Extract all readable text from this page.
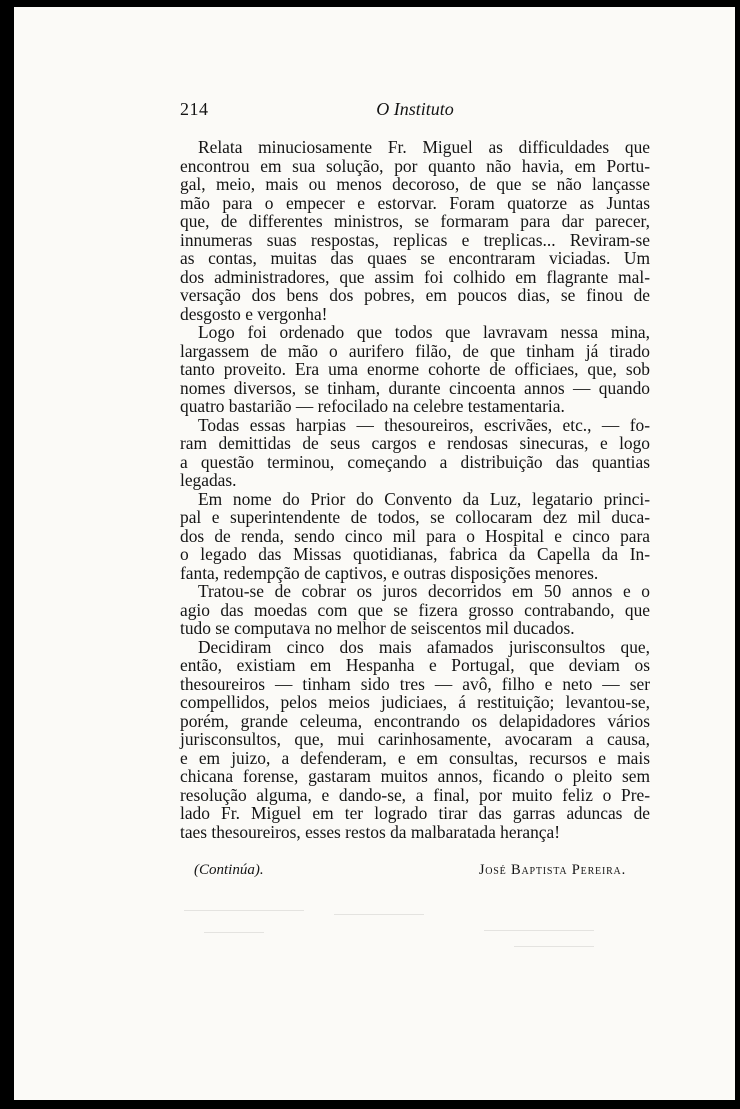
214	O Instituto
Relata minuciosamente Fr. Miguel as difficuldades que
encontrou em sua solução, por quanto não havia, em Portu-
gal, meio, mais ou menos decoroso, de que se não lançasse
mão para o empecer e estorvar. Foram quatorze as Juntas
que, de differentes ministros, se formaram para dar parecer,
innumeras suas respostas, replicas e treplicas... Reviram-se
as contas, muitas das quaes se encontraram viciadas. Um
dos administradores, que assim foi colhido em flagrante mal-
versação dos bens dos pobres, em poucos dias, se finou de
desgosto e vergonha!
Logo foi ordenado que todos que lavravam nessa mina,
largassem de mão o aurifero filão, de que tinham já tirado
tanto proveito. Era uma enorme cohorte de officiaes, que, sob
nomes diversos, se tinham, durante cincoenta annos — quando
quatro bastarião — refocilado na celebre testamentaria.
Todas essas harpias — thesoureiros, escrivães, etc., — fo-
ram demittidas de seus cargos e rendosas sinecuras, e logo
a questão terminou, começando a distribuição das quantias
legadas.
Em nome do Prior do Convento da Luz, legatario princi-
pal e superintendente de todos, se collocaram dez mil duca-
dos de renda, sendo cinco mil para o Hospital e cinco para
o legado das Missas quotidianas, fabrica da Capella da In-
fanta, redempção de captivos, e outras disposições menores.
Tratou-se de cobrar os juros decorridos em 50 annos e o
agio das moedas com que se fizera grosso contrabando, que
tudo se computava no melhor de seiscentos mil ducados.
Decidiram cinco dos mais afamados jurisconsultos que,
então, existiam em Hespanha e Portugal, que deviam os
thesoureiros — tinham sido tres — avô, filho e neto — ser
compellidos, pelos meios judiciaes, á restituição; levantou-se,
porém, grande celeuma, encontrando os delapidadores vários
jurisconsultos, que, mui carinhosamente, avocaram a causa,
e em juizo, a defenderam, e em consultas, recursos e mais
chicana forense, gastaram muitos annos, ficando o pleito sem
resolução alguma, e dando-se, a final, por muito feliz o Pre-
lado Fr. Miguel em ter logrado tirar das garras aduncas de
taes thesoureiros, esses restos da malbaratada herança!
(Continúa).	José Baptista Pereira.
